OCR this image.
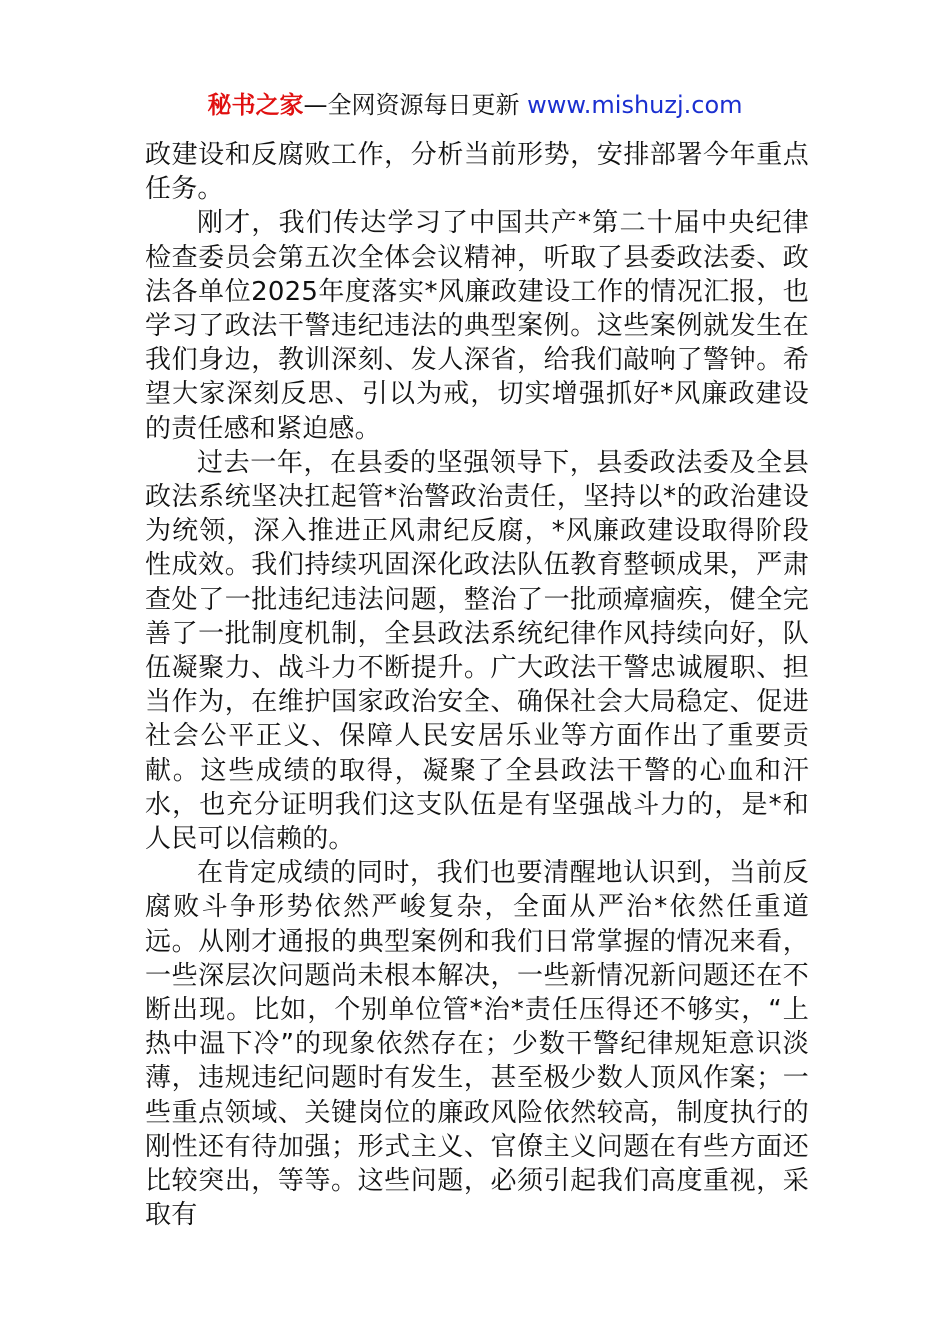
秘书之家—全网资源每日更新 www.mishuzj.com

政建设和反腐败工作，分析当前形势，安排部署今年重点任务。

刚才，我们传达学习了中国共产*第二十届中央纪律检查委员会第五次全体会议精神，听取了县委政法委、政法各单位2025年度落实*风廉政建设工作的情况汇报，也学习了政法干警违纪违法的典型案例。这些案例就发生在我们身边，教训深刻、发人深省，给我们敲响了警钟。希望大家深刻反思、引以为戒，切实增强抓好*风廉政建设的责任感和紧迫感。

过去一年，在县委的坚强领导下，县委政法委及全县政法系统坚决扛起管*治警政治责任，坚持以*的政治建设为统领，深入推进正风肃纪反腐，*风廉政建设取得阶段性成效。我们持续巩固深化政法队伍教育整顿成果，严肃查处了一批违纪违法问题，整治了一批顽瘴痼疾，健全完善了一批制度机制，全县政法系统纪律作风持续向好，队伍凝聚力、战斗力不断提升。广大政法干警忠诚履职、担当作为，在维护国家政治安全、确保社会大局稳定、促进社会公平正义、保障人民安居乐业等方面作出了重要贡献。这些成绩的取得，凝聚了全县政法干警的心血和汗水，也充分证明我们这支队伍是有坚强战斗力的，是*和人民可以信赖的。

在肯定成绩的同时，我们也要清醒地认识到，当前反腐败斗争形势依然严峻复杂，全面从严治*依然任重道远。从刚才通报的典型案例和我们日常掌握的情况来看，一些深层次问题尚未根本解决，一些新情况新问题还在不断出现。比如，个别单位管*治*责任压得还不够实，“上热中温下冷”的现象依然存在；少数干警纪律规矩意识淡薄，违规违纪问题时有发生，甚至极少数人顶风作案；一些重点领域、关键岗位的廉政风险依然较高，制度执行的刚性还有待加强；形式主义、官僚主义问题在有些方面还比较突出，等等。这些问题，必须引起我们高度重视，采取有
